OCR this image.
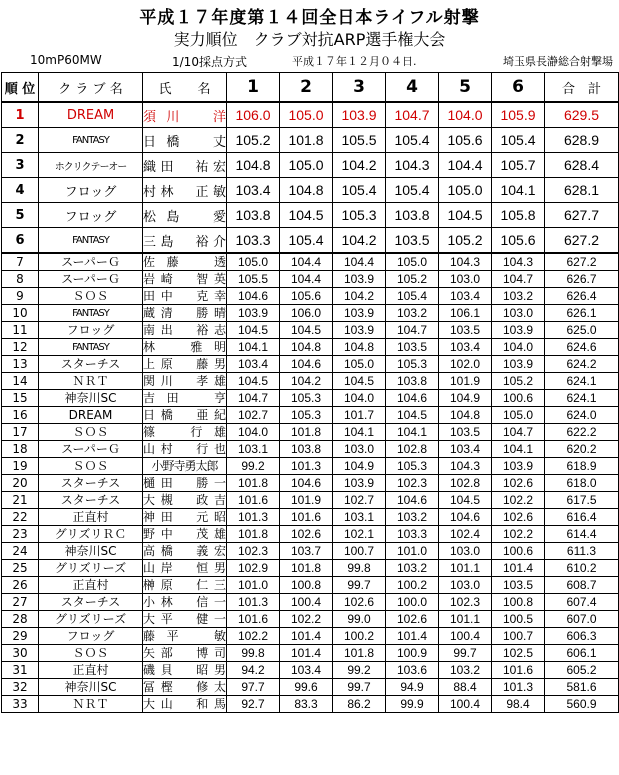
平成１７年度第１４回全日本ライフル射撃
実力順位　クラブ対抗ARP選手権大会
10mP60MW	1/10採点方式	平成１７年１２月０４日.	埼玉県長瀞総合射撃場
順 位	ク ラ ブ 名	氏　　名	1	2	3	4	5	6	合　計
1	DREAM	須川　洋	106.0	105.0	103.9	104.7	104.0	105.9	629.5
2	FANTASY	日橋　丈	105.2	101.8	105.5	105.4	105.6	105.4	628.9
3	ホクリクテーオー	織田　祐宏	104.8	105.0	104.2	104.3	104.4	105.7	628.4
4	フロッグ	村林　正敏	103.4	104.8	105.4	105.4	105.0	104.1	628.1
5	フロッグ	松島　愛	103.8	104.5	105.3	103.8	104.5	105.8	627.7
6	FANTASY	三島　裕介	103.3	105.4	104.2	103.5	105.2	105.6	627.2
7	スーパーＧ	佐藤　透	105.0	104.4	104.4	105.0	104.3	104.3	627.2
8	スーパーＧ	岩崎　智英	105.5	104.4	103.9	105.2	103.0	104.7	626.7
9	ＳＯＳ	田中　克幸	104.6	105.6	104.2	105.4	103.4	103.2	626.4
10	FANTASY	蔵清　勝晴	103.9	106.0	103.9	103.2	106.1	103.0	626.1
11	フロッグ	南出　裕志	104.5	104.5	103.9	104.7	103.5	103.9	625.0
12	FANTASY	林　雅明	104.1	104.8	104.8	103.5	103.4	104.0	624.6
13	スターチス	上原　藤男	103.4	104.6	105.0	105.3	102.0	103.9	624.2
14	ＮＲＴ	関川　孝雄	104.5	104.2	104.5	103.8	101.9	105.2	624.1
15	神奈川SC	吉田　亨	104.7	105.3	104.0	104.6	104.9	100.6	624.1
16	DREAM	日橋　亜紀	102.7	105.3	101.7	104.5	104.8	105.0	624.0
17	ＳＯＳ	篠　行雄	104.0	101.8	104.1	104.1	103.5	104.7	622.2
18	スーパーＧ	山村　行也	103.1	103.8	103.0	102.8	103.4	104.1	620.2
19	ＳＯＳ	小野寺勇太郎	99.2	101.3	104.9	105.3	104.3	103.9	618.9
20	スターチス	樋田　勝一	101.8	104.6	103.9	102.3	102.8	102.6	618.0
21	スターチス	大槻　政吉	101.6	101.9	102.7	104.6	104.5	102.2	617.5
22	正直村	神田　元昭	101.3	101.6	103.1	103.2	104.6	102.6	616.4
23	グリズリＲＣ	野中　茂雄	101.8	102.6	102.1	103.3	102.4	102.2	614.4
24	神奈川SC	高橋　義宏	102.3	103.7	100.7	101.0	103.0	100.6	611.3
25	グリズリーズ	山岸　恒男	102.9	101.8	99.8	103.2	101.1	101.4	610.2
26	正直村	榊原　仁三	101.0	100.8	99.7	100.2	103.0	103.5	608.7
27	スターチス	小林　信一	101.3	100.4	102.6	100.0	102.3	100.8	607.4
28	グリズリーズ	大平　健一	101.6	102.2	99.0	102.6	101.1	100.5	607.0
29	フロッグ	藤平　敏	102.2	101.4	100.2	101.4	100.4	100.7	606.3
30	ＳＯＳ	矢部　博司	99.8	101.4	101.8	100.9	99.7	102.5	606.1
31	正直村	磯貝　昭男	94.2	103.4	99.2	103.6	103.2	101.6	605.2
32	神奈川SC	冨樫　修太	97.7	99.6	99.7	94.9	88.4	101.3	581.6
33	ＮＲＴ	大山　和馬	92.7	83.3	86.2	99.9	100.4	98.4	560.9
